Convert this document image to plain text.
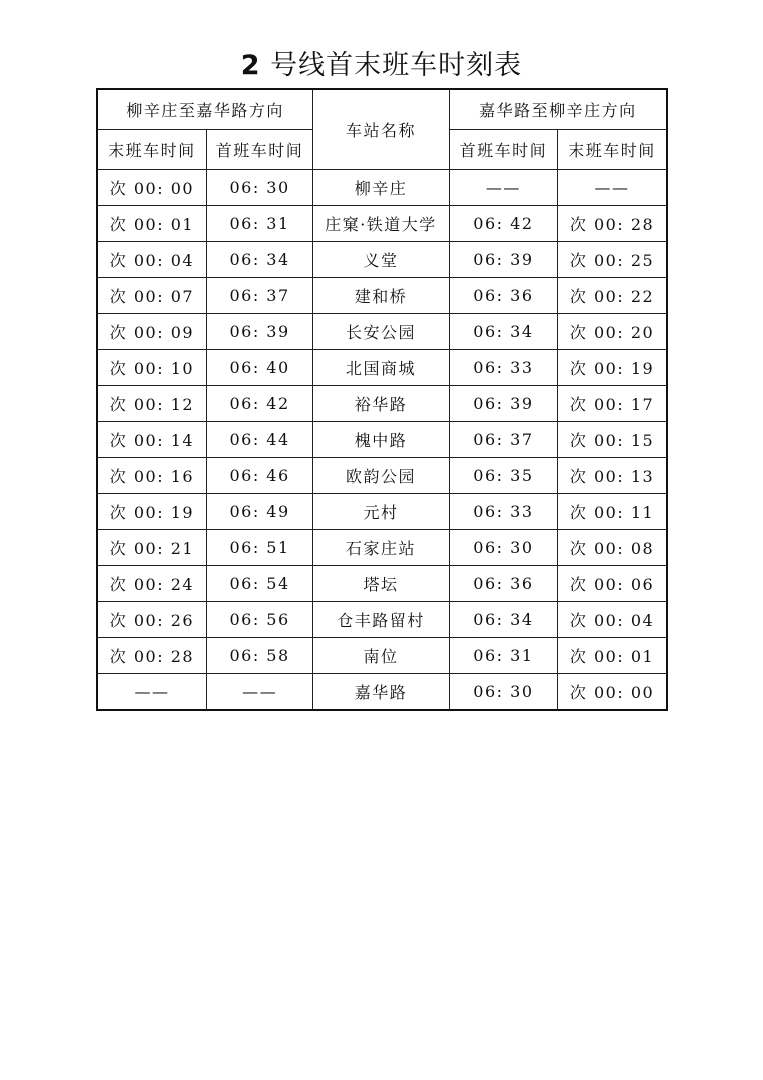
2 号线首末班车时刻表
柳辛庄至嘉华路方向		车站名称	嘉华路至柳辛庄方向	
末班车时间	首班车时间		首班车时间	末班车时间
次 00: 00	06: 30	柳辛庄	——	——
次 00: 01	06: 31	庄窠·铁道大学	06: 42	次 00: 28
次 00: 04	06: 34	义堂	06: 39	次 00: 25
次 00: 07	06: 37	建和桥	06: 36	次 00: 22
次 00: 09	06: 39	长安公园	06: 34	次 00: 20
次 00: 10	06: 40	北国商城	06: 33	次 00: 19
次 00: 12	06: 42	裕华路	06: 39	次 00: 17
次 00: 14	06: 44	槐中路	06: 37	次 00: 15
次 00: 16	06: 46	欧韵公园	06: 35	次 00: 13
次 00: 19	06: 49	元村	06: 33	次 00: 11
次 00: 21	06: 51	石家庄站	06: 30	次 00: 08
次 00: 24	06: 54	塔坛	06: 36	次 00: 06
次 00: 26	06: 56	仓丰路留村	06: 34	次 00: 04
次 00: 28	06: 58	南位	06: 31	次 00: 01
——	——	嘉华路	06: 30	次 00: 00
